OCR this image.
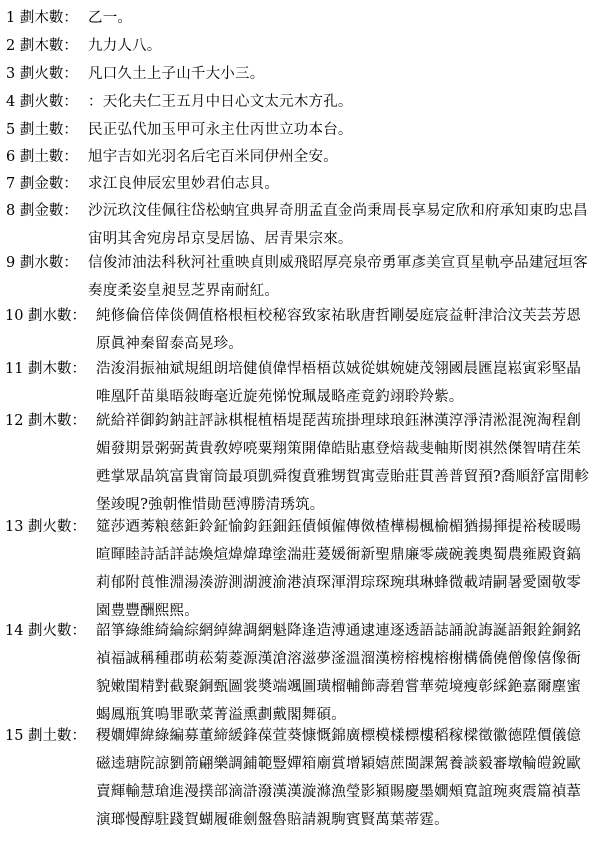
1 劃木數： 乙一。
2 劃木數： 九力人八。
3 劃火數： 凡口久土上子山千大小三。
4 劃火數： ：天化夫仁王五月中日心文太元木方孔。
5 劃土數： 民正弘代加玉甲可永主仕丙世立功本台。
6 劃土數： 旭宇吉如光羽名后宅百米同伊州全安。
7 劃金數： 求江良伸辰宏里妙君伯志貝。
8 劃金數： 沙沅玖汶佳佩往岱松蚋宜典昇奇朋孟直金尚秉周長享易定欣和府承知東昀忠昌宙明其舍宛房昂京旻居協、居青果宗來。
9 劃水數： 信俊沛油法科秋河社重映貞則威飛昭厚亮泉帝勇軍彥美宣頁星軌亭品建冠垣客奏度柔姿皇昶昱芝界南耐紅。
10 劃水數： 純修倫倍倖倓倜值格根桓校秘容致家祐耿唐哲剛晏庭宸益軒津洽汶芙芸芳恩原眞神秦留泰高晃珍。
11 劃木數： 浩浚涓振袖斌規組朗培健偵偉悍梧梧苡娀從娸婉婕茂翎國晨匯崑崧寅彩堅晶唯凰阡苗巢晤敍晦毫近旋苑悌悅珮晟略產竟釣翊聆羚紫。
12 劃木數： 絖給祥御鈞鈉註評詠棋棍植梧堤琵茜琉掛理球琅鈺淋漢淳淨清淞混涴淘程創媚發期景粥弼黃貴敎婷喨粟翔策開偉皓貼惠登焙裁斐軸斯閔祺然傑智晴荏茱甦掌眾晶筑富貴甯筒最項凱舜復賁雅甥賀寓壹貽莊貫善普貿預?喬順舒富閒軫堡竣晛?強朝惟惜勛琶溥勝清琇筑。
13 劃火數： 筵莎迺莠粮慈鉅鈴鉦愉鈞鈺鈿鈺債傾僱傳傚楂樺楊楓榆楣猶揚揮提裕稜暖暘暄暉睦詩話詳誌煥煊煒煒瑋塗湍莊萲媛衙新聖鼎廉零歲碗義奧蜀農雍殿資鎬莉郁附莨惟淵湯湊游測湖渡渝港湞琛渾渭琮琛琬琪琳蜂微載靖嗣暑愛園敬零園豊豐酬熙熙。
14 劃火數： 韶箏綠維綺綸綜網綽緯調網魁降逢造溥通逮連逐透語誌誦說誨誕語銀銓銅銘禎福誠稱種郡萌菘菊菱源漢滄溶滋夢滏溫溜漢榜榕槐榕榭構僑僥僧像僖像衙貌嫩閨精對截聚銅甄圖裳奬端颯圖璜榴輔飾壽碧嘗華菀境瘦彰綵銫嘉爾塵蜜蝎鳳瓶箕鳴罪歌菜菁溢熏劃戴閣舞碩。
15 劃土數： 稷嫺嬋緯綠編募董締緩鋒葆萱葵慷慨錦廣標模樣標樓稻稼樑徵徽德陞價儀億磁逵瑭院諒劉箭翩樂調鋪範豎嬋箱廟賞增穎嬉蔗閩課駕養談毅審墩輪皚銳歐賣輝輸慧瑲進漫撲部滴滸潑漢漢漩滌漁瑩影潁賜慶墨嫺頰寬誼琬爽震篇禎葦演瑯慢醇駐踐賀蝴履碓劍盤魯賠請親駒賓賢萬葉蒂霆。
